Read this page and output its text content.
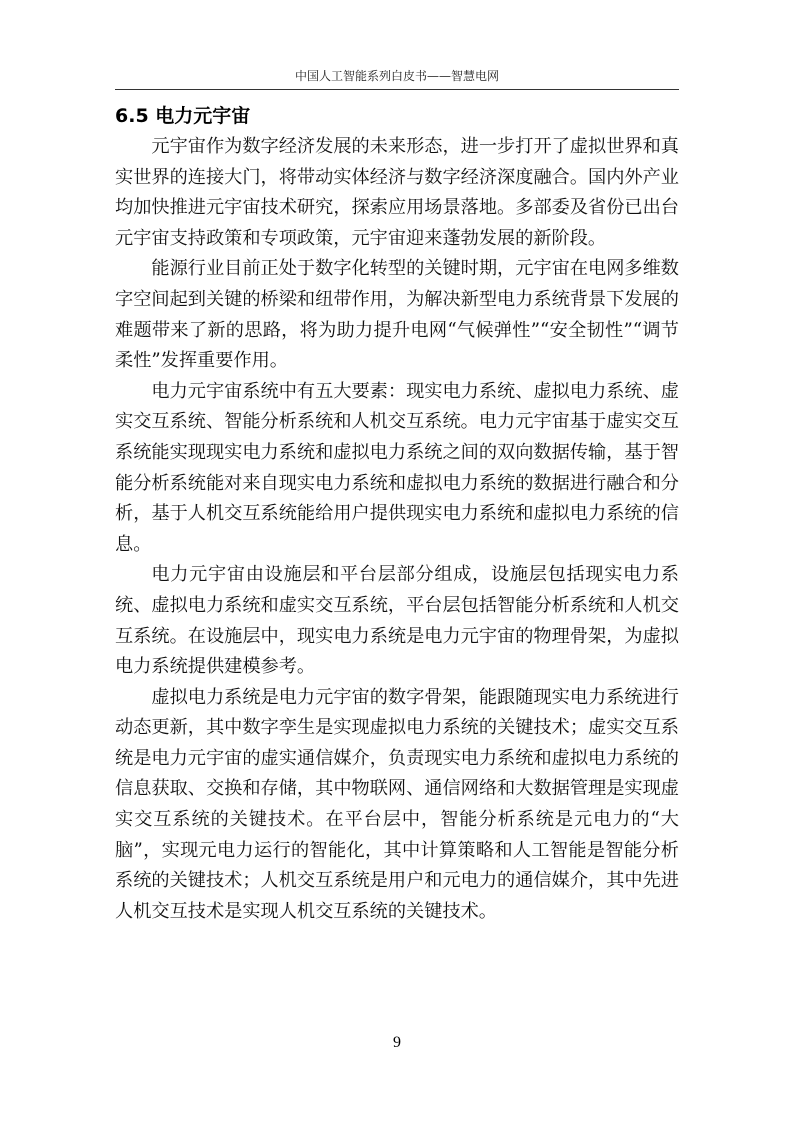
中国人工智能系列白皮书——智慧电网
6.5 电力元宇宙

元宇宙作为数字经济发展的未来形态，进一步打开了虚拟世界和真实世界的连接大门，将带动实体经济与数字经济深度融合。国内外产业均加快推进元宇宙技术研究，探索应用场景落地。多部委及省份已出台元宇宙支持政策和专项政策，元宇宙迎来蓬勃发展的新阶段。

能源行业目前正处于数字化转型的关键时期，元宇宙在电网多维数字空间起到关键的桥梁和纽带作用，为解决新型电力系统背景下发展的难题带来了新的思路，将为助力提升电网“气候弹性”“安全韧性”“调节柔性”发挥重要作用。

电力元宇宙系统中有五大要素：现实电力系统、虚拟电力系统、虚实交互系统、智能分析系统和人机交互系统。电力元宇宙基于虚实交互系统能实现现实电力系统和虚拟电力系统之间的双向数据传输，基于智能分析系统能对来自现实电力系统和虚拟电力系统的数据进行融合和分析，基于人机交互系统能给用户提供现实电力系统和虚拟电力系统的信息。

电力元宇宙由设施层和平台层部分组成，设施层包括现实电力系统、虚拟电力系统和虚实交互系统，平台层包括智能分析系统和人机交互系统。在设施层中，现实电力系统是电力元宇宙的物理骨架，为虚拟电力系统提供建模参考。

虚拟电力系统是电力元宇宙的数字骨架，能跟随现实电力系统进行动态更新，其中数字孪生是实现虚拟电力系统的关键技术；虚实交互系统是电力元宇宙的虚实通信媒介，负责现实电力系统和虚拟电力系统的信息获取、交换和存储，其中物联网、通信网络和大数据管理是实现虚实交互系统的关键技术。在平台层中，智能分析系统是元电力的“大脑”，实现元电力运行的智能化，其中计算策略和人工智能是智能分析系统的关键技术；人机交互系统是用户和元电力的通信媒介，其中先进人机交互技术是实现人机交互系统的关键技术。

9
